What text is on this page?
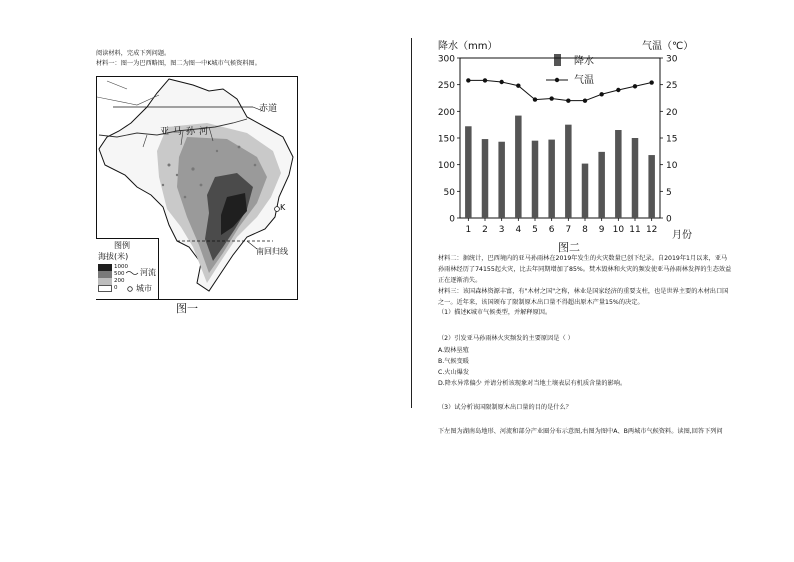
阅读材料，完成下列问题。
材料一：图一为巴西略图，图二为图一中K城市气候资料图。
赤道
亚马孙河
K
南回归线
图例
海拔(米)
1000
500
200
0
河流
城市
图一
降水（mm）	气温（℃）
月份
图二
降水
气温
0
50
100
150
200
250
300
0
5
10
15
20
25
30
1 2 3 4 5 6 7 8 9 10 11 12
材料二：据统计，巴西境内的亚马孙雨林在2019年发生的火灾数量已创下纪录。自2019年1月以来，亚马
孙雨林经历了74155起火灾，比去年同期增加了85%。焚木毁林和火灾的频发使亚马孙雨林发挥的生态效益
正在逐渐消失。
材料三：该国森林资源丰富，有"木材之国"之称，林业是国家经济的重要支柱，也是世界主要的木材出口国
之一。近年来，该国颁布了限制原木出口量不得超出原木产量15%的决定。
（1）描述K城市气候类型，并解释原因。
（2）引发亚马孙雨林火灾频发的主要原因是（ ）
A.毁林垦殖
B.气候变暖
C.火山爆发
D.降水异常偏少 并请分析该现象对当地土壤表层有机质含量的影响。
（3）试分析该国限制原木出口量的目的是什么？
下左图为湖南岛地形、河流和部分产业圈分布示意图,右图为图中A、B两城市气候资料。读图,回答下列问
